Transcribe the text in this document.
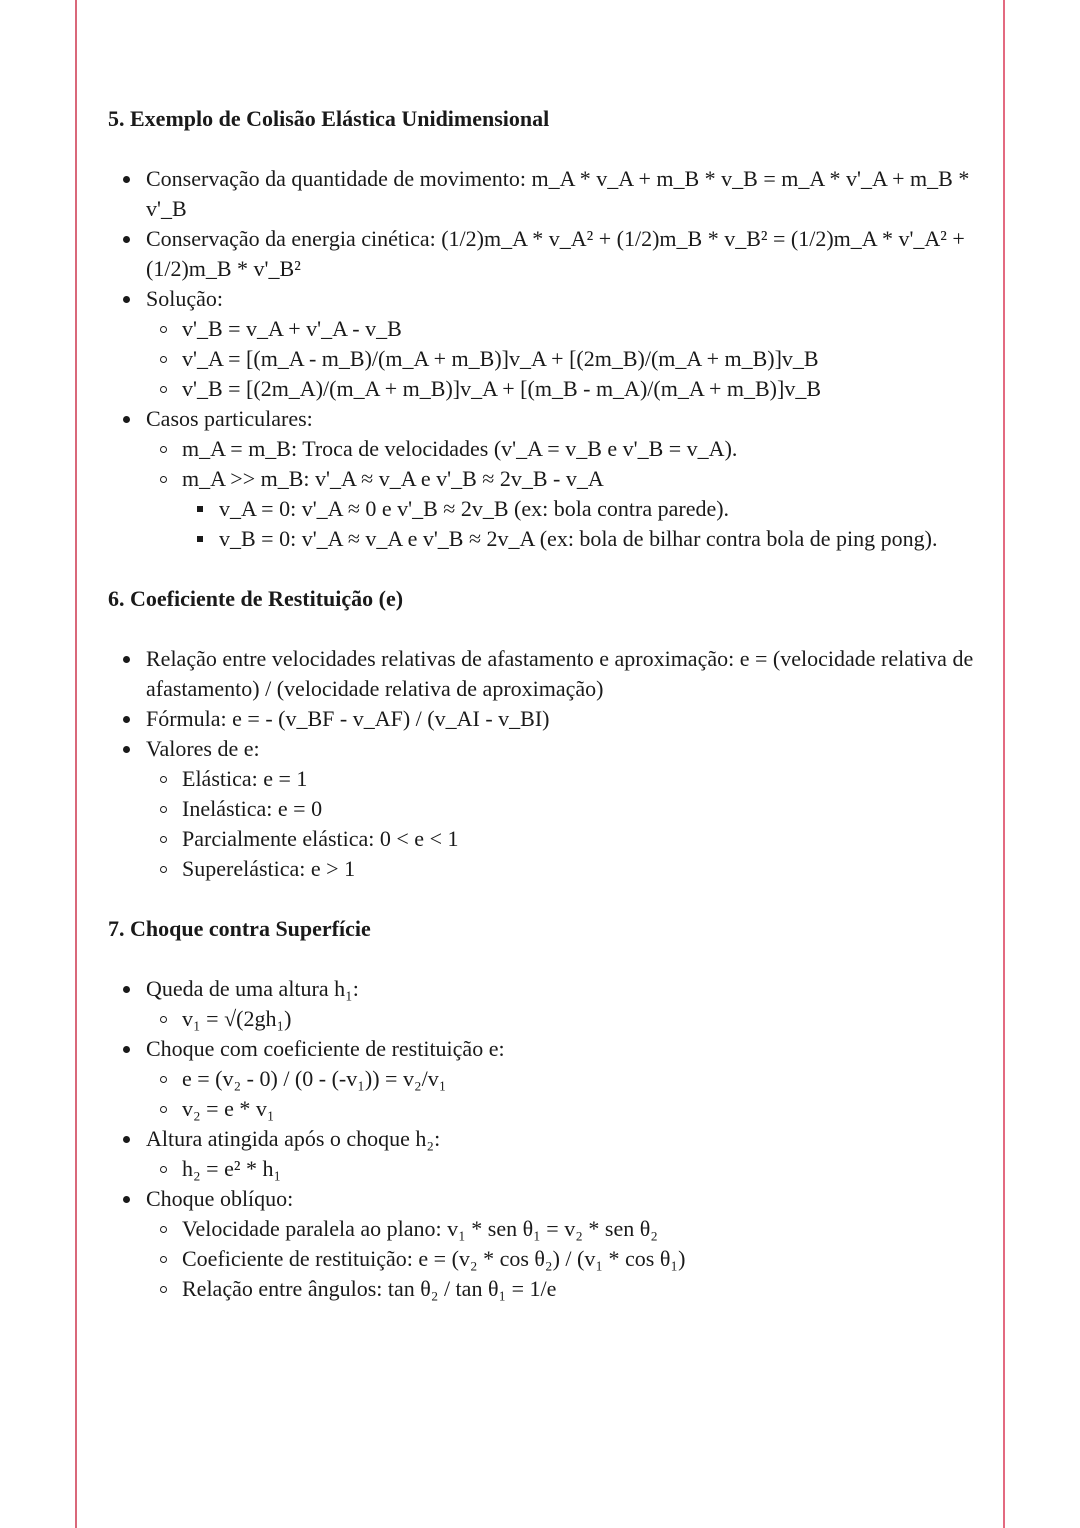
5. Exemplo de Colisão Elástica Unidimensional
Conservação da quantidade de movimento: m_A * v_A + m_B * v_B = m_A * v'_A + m_B * v'_B
Conservação da energia cinética: (1/2)m_A * v_A² + (1/2)m_B * v_B² = (1/2)m_A * v'_A² + (1/2)m_B * v'_B²
Solução:
v'_B = v_A + v'_A - v_B
v'_A = [(m_A - m_B)/(m_A + m_B)]v_A + [(2m_B)/(m_A + m_B)]v_B
v'_B = [(2m_A)/(m_A + m_B)]v_A + [(m_B - m_A)/(m_A + m_B)]v_B
Casos particulares:
m_A = m_B: Troca de velocidades (v'_A = v_B e v'_B = v_A).
m_A >> m_B: v'_A ≈ v_A e v'_B ≈ 2v_B - v_A
v_A = 0: v'_A ≈ 0 e v'_B ≈ 2v_B (ex: bola contra parede).
v_B = 0: v'_A ≈ v_A e v'_B ≈ 2v_A (ex: bola de bilhar contra bola de ping pong).
6. Coeficiente de Restituição (e)
Relação entre velocidades relativas de afastamento e aproximação: e = (velocidade relativa de afastamento) / (velocidade relativa de aproximação)
Fórmula: e = - (v_BF - v_AF) / (v_AI - v_BI)
Valores de e:
Elástica: e = 1
Inelástica: e = 0
Parcialmente elástica: 0 < e < 1
Superelástica: e > 1
7. Choque contra Superfície
Queda de uma altura h₁:
v₁ = √(2gh₁)
Choque com coeficiente de restituição e:
e = (v₂ - 0) / (0 - (-v₁)) = v₂/v₁
v₂ = e * v₁
Altura atingida após o choque h₂:
h₂ = e² * h₁
Choque oblíquo:
Velocidade paralela ao plano: v₁ * sen θ₁ = v₂ * sen θ₂
Coeficiente de restituição: e = (v₂ * cos θ₂) / (v₁ * cos θ₁)
Relação entre ângulos: tan θ₂ / tan θ₁ = 1/e
